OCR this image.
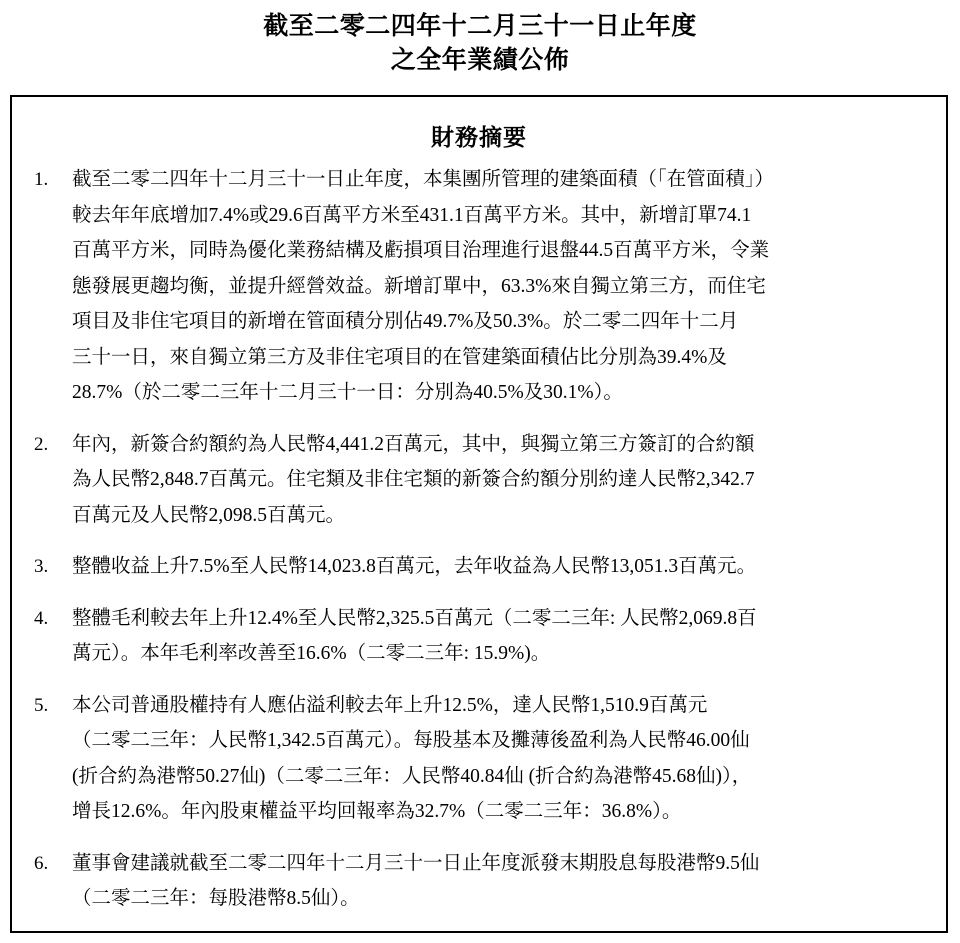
截至二零二四年十二月三十一日止年度
之全年業績公佈
財務摘要
1.	截至二零二四年十二月三十一日止年度，本集團所管理的建築面積（「在管面積」）
較去年年底增加7.4%或29.6百萬平方米至431.1百萬平方米。其中，新增訂單74.1
百萬平方米，同時為優化業務結構及虧損項目治理進行退盤44.5百萬平方米，令業
態發展更趨均衡，並提升經營效益。新增訂單中，63.3%來自獨立第三方，而住宅
項目及非住宅項目的新增在管面積分別佔49.7%及50.3%。於二零二四年十二月
三十一日，來自獨立第三方及非住宅項目的在管建築面積佔比分別為39.4%及
28.7%（於二零二三年十二月三十一日：分別為40.5%及30.1%）。
2.	年內，新簽合約額約為人民幣4,441.2百萬元，其中，與獨立第三方簽訂的合約額
為人民幣2,848.7百萬元。住宅類及非住宅類的新簽合約額分別約達人民幣2,342.7
百萬元及人民幣2,098.5百萬元。
3.	整體收益上升7.5%至人民幣14,023.8百萬元，去年收益為人民幣13,051.3百萬元。
4.	整體毛利較去年上升12.4%至人民幣2,325.5百萬元（二零二三年: 人民幣2,069.8百
萬元）。本年毛利率改善至16.6%（二零二三年: 15.9%)。
5.	本公司普通股權持有人應佔溢利較去年上升12.5%，達人民幣1,510.9百萬元
（二零二三年：人民幣1,342.5百萬元）。每股基本及攤薄後盈利為人民幣46.00仙
(折合約為港幣50.27仙)（二零二三年：人民幣40.84仙 (折合約為港幣45.68仙)），
增長12.6%。年內股東權益平均回報率為32.7%（二零二三年：36.8%）。
6.	董事會建議就截至二零二四年十二月三十一日止年度派發末期股息每股港幣9.5仙
（二零二三年：每股港幣8.5仙）。
